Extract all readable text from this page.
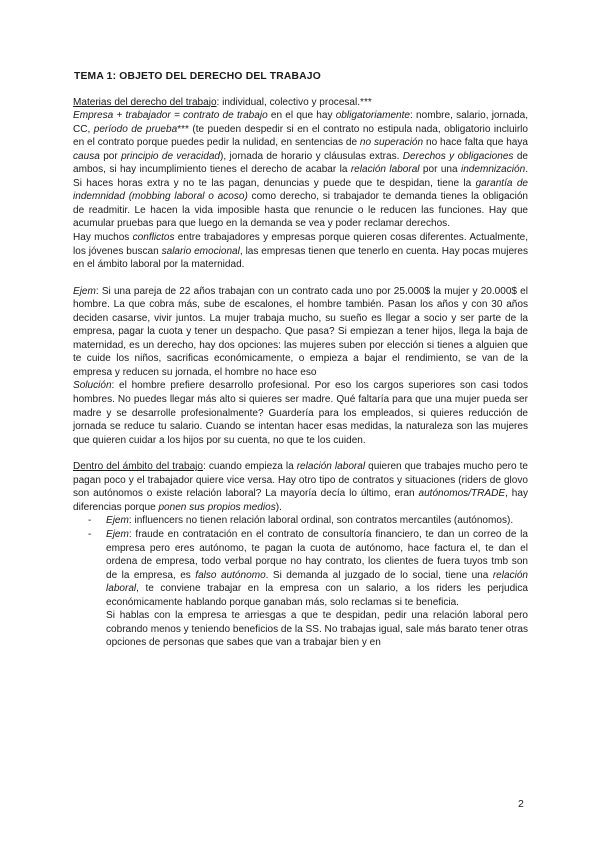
TEMA 1: OBJETO DEL DERECHO DEL TRABAJO

Materias del derecho del trabajo: individual, colectivo y procesal.***

Empresa + trabajador = contrato de trabajo en el que hay obligatoriamente: nombre, salario, jornada, CC, período de prueba*** (te pueden despedir si en el contrato no estipula nada, obligatorio incluirlo en el contrato porque puedes pedir la nulidad, en sentencias de no superación no hace falta que haya causa por principio de veracidad), jornada de horario y cláusulas extras. Derechos y obligaciones de ambos, si hay incumplimiento tienes el derecho de acabar la relación laboral por una indemnización. Si haces horas extra y no te las pagan, denuncias y puede que te despidan, tiene la garantía de indemnidad (mobbing laboral o acoso) como derecho, si trabajador te demanda tienes la obligación de readmitir. Le hacen la vida imposible hasta que renuncie o le reducen las funciones. Hay que acumular pruebas para que luego en la demanda se vea y poder reclamar derechos.

Hay muchos conflictos entre trabajadores y empresas porque quieren cosas diferentes. Actualmente, los jóvenes buscan salario emocional, las empresas tienen que tenerlo en cuenta. Hay pocas mujeres en el ámbito laboral por la maternidad.

Ejem: Si una pareja de 22 años trabajan con un contrato cada uno por 25.000$ la mujer y 20.000$ el hombre. La que cobra más, sube de escalones, el hombre también. Pasan los años y con 30 años deciden casarse, vivir juntos. La mujer trabaja mucho, su sueño es llegar a socio y ser parte de la empresa, pagar la cuota y tener un despacho. Que pasa? Si empiezan a tener hijos, llega la baja de maternidad, es un derecho, hay dos opciones: las mujeres suben por elección si tienes a alguien que te cuide los niños, sacrificas económicamente, o empieza a bajar el rendimiento, se van de la empresa y reducen su jornada, el hombre no hace eso

Solución: el hombre prefiere desarrollo profesional. Por eso los cargos superiores son casi todos hombres. No puedes llegar más alto si quieres ser madre. Qué faltaría para que una mujer pueda ser madre y se desarrolle profesionalmente? Guardería para los empleados, si quieres reducción de jornada se reduce tu salario. Cuando se intentan hacer esas medidas, la naturaleza son las mujeres que quieren cuidar a los hijos por su cuenta, no que te los cuiden.

Dentro del ámbito del trabajo: cuando empieza la relación laboral quieren que trabajes mucho pero te pagan poco y el trabajador quiere vice versa. Hay otro tipo de contratos y situaciones (riders de glovo son autónomos o existe relación laboral? La mayoría decía lo último, eran autónomos/TRADE, hay diferencias porque ponen sus propios medios).

- Ejem: influencers no tienen relación laboral ordinal, son contratos mercantiles (autónomos).
- Ejem: fraude en contratación en el contrato de consultoría financiero, te dan un correo de la empresa pero eres autónomo, te pagan la cuota de autónomo, hace factura el, te dan el ordena de empresa, todo verbal porque no hay contrato, los clientes de fuera tuyos tmb son de la empresa, es falso autónomo. Si demanda al juzgado de lo social, tiene una relación laboral, te conviene trabajar en la empresa con un salario, a los riders les perjudica económicamente hablando porque ganaban más, solo reclamas si te beneficia.

Si hablas con la empresa te arriesgas a que te despidan, pedir una relación laboral pero cobrando menos y teniendo beneficios de la SS. No trabajas igual, sale más barato tener otras opciones de personas que sabes que van a trabajar bien y en

2
